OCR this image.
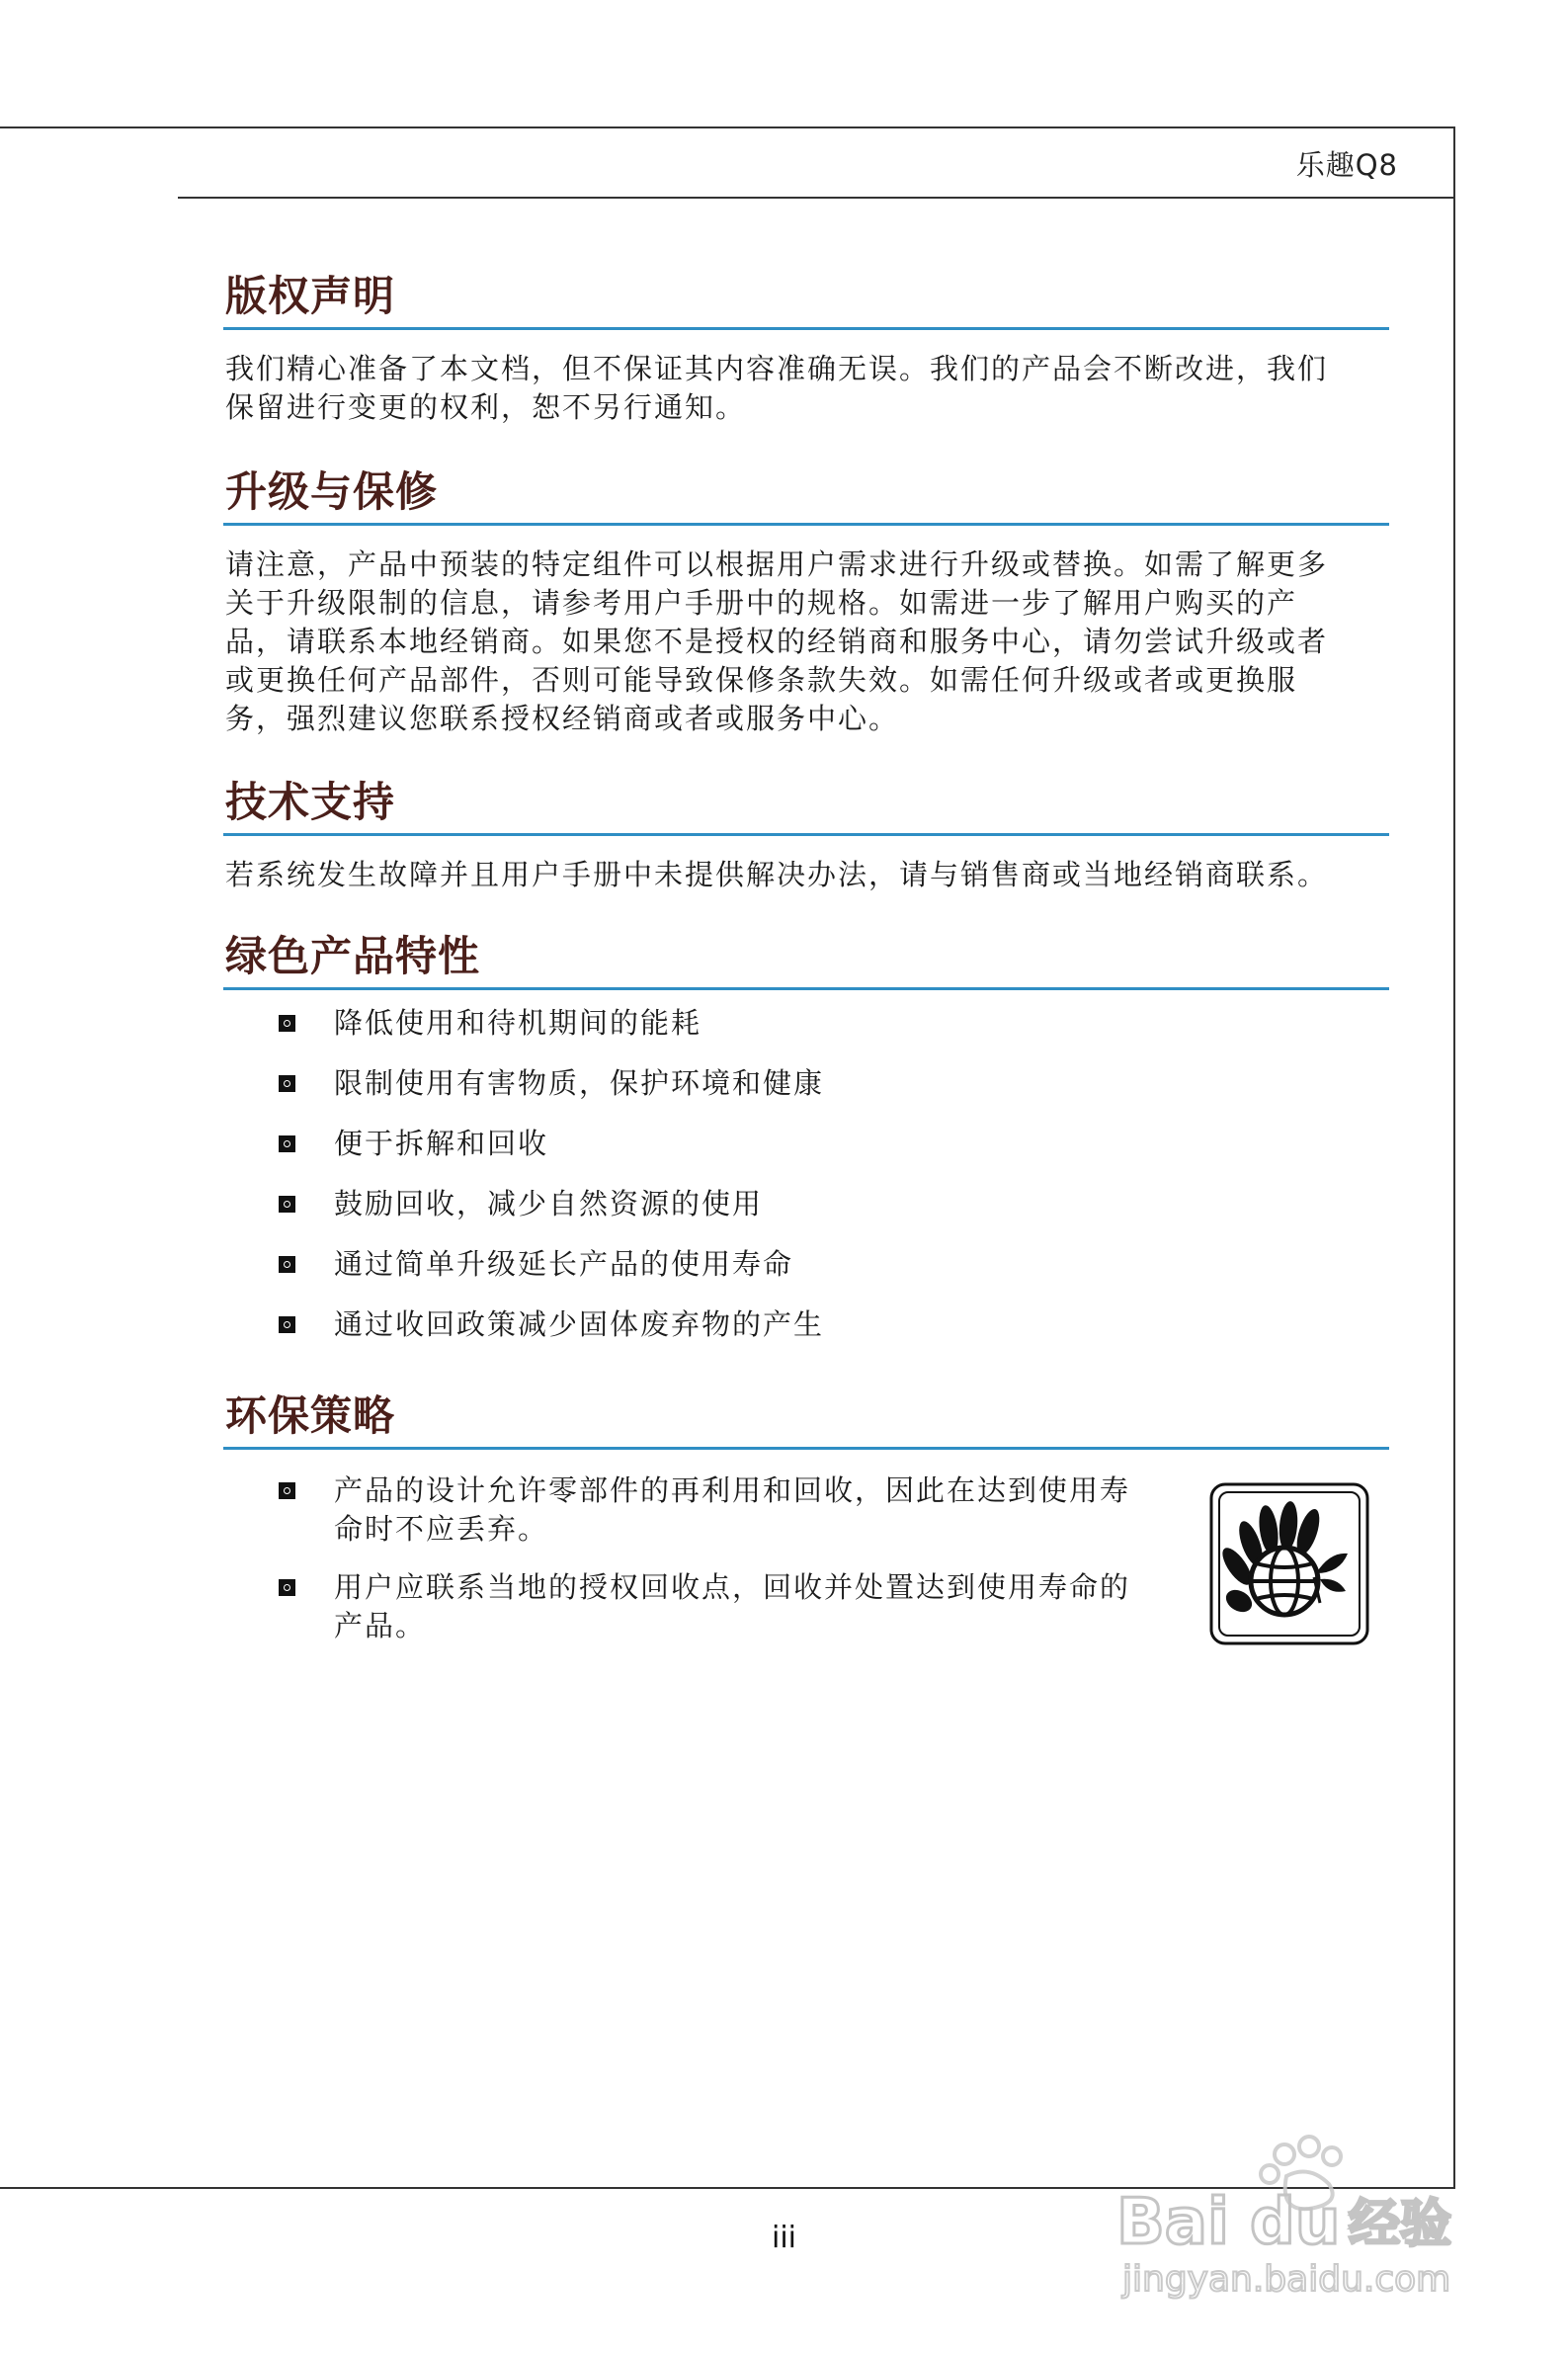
乐趣Q8
版权声明
我们精心准备了本文档，但不保证其内容准确无误。我们的产品会不断改进，我们
保留进行变更的权利，恕不另行通知。
升级与保修
请注意，产品中预装的特定组件可以根据用户需求进行升级或替换。如需了解更多
关于升级限制的信息，请参考用户手册中的规格。如需进一步了解用户购买的产
品，请联系本地经销商。如果您不是授权的经销商和服务中心，请勿尝试升级或者
或更换任何产品部件，否则可能导致保修条款失效。如需任何升级或者或更换服
务，强烈建议您联系授权经销商或者或服务中心。
技术支持
若系统发生故障并且用户手册中未提供解决办法，请与销售商或当地经销商联系。
绿色产品特性
降低使用和待机期间的能耗
限制使用有害物质，保护环境和健康
便于拆解和回收
鼓励回收，减少自然资源的使用
通过简单升级延长产品的使用寿命
通过收回政策减少固体废弃物的产生
环保策略
产品的设计允许零部件的再利用和回收，因此在达到使用寿
命时不应丢弃。
用户应联系当地的授权回收点，回收并处置达到使用寿命的
产品。
iii	Bai du 经验
jingyan.baidu.com
